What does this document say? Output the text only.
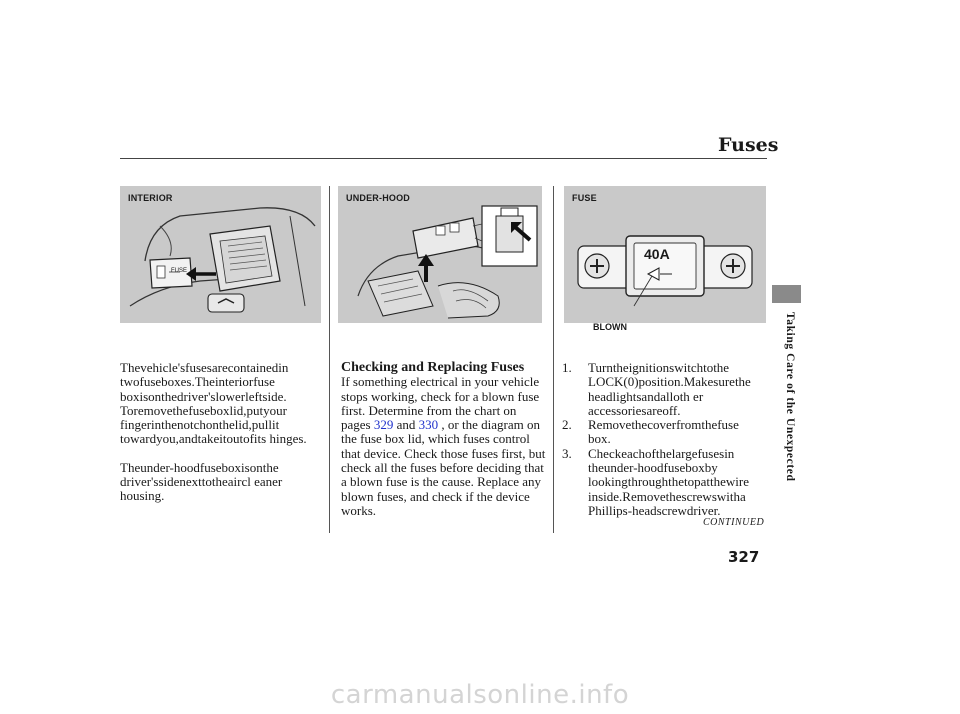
Fuses
INTERIOR
FUSE
UNDER-HOOD	FUSE
40A
BLOWN

Thevehicle'sfusesarecontainedin twofuseboxes.Theinteriorfuse boxisonthedriver'slowerleftside. Toremovethefuseboxlid,putyour fingerinthenotchonthelid,pullit towardyou,andtakeitoutofits hinges.

Theunder-hoodfuseboxisonthe driver'ssidenexttotheaircl eaner housing.

Checking and Replacing Fuses

If something electrical in your vehicle stops working, check for a blown fuse first. Determine from the chart on pages 329 and 330 , or the diagram on the fuse box lid, which fuses control that device. Check those fuses first, but check all the fuses before deciding that a blown fuse is the cause. Replace any blown fuses, and check if the device works.

1. Turntheignitionswitchtothe LOCK(0)position.Makesurethe headlightsandalloth er accessoriesareoff.
2. Removethecoverfromthefuse box.
3. Checkeachofthelargefusesin theunder-hoodfuseboxby lookingthroughthetopatthewire inside.Removethescrewswitha Phillips-headscrewdriver.
CONTINUED
327
Taking Care of the Unexpected
carmanualsonline.info
